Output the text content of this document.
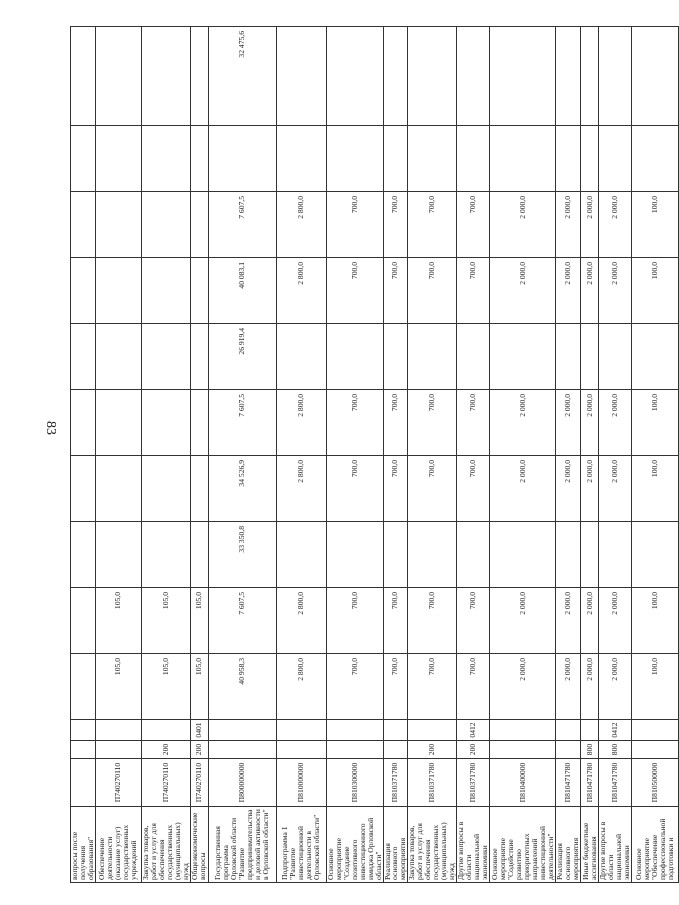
83
вопросы после получения образования"													
Обеспечение деятельности (оказание услуг) государственных учреждений	П740270110			105,0	105,0								
Закупка товаров, работ и услуг для обеспечения государственных (муниципальных) нужд	П740270110	200		105,0	105,0								
Общеэкономические вопросы	П740270110	200	0401	105,0	105,0								
Государственная программа Орловской области "Развитие предпринимательства и деловой активности в Орловской области"	П800000000			40 958,3	7 607,5	33 350,8	34 526,9	7 607,5	26 919,4	40 083,1	7 607,5		32 475,6
Подпрограмма 1 "Развитие инвестиционной деятельности в Орловской области"	П810000000			2 800,0	2 800,0		2 800,0	2 800,0		2 800,0	2 800,0		
Основное мероприятие "Создание позитивного инвестиционного имиджа Орловской области"	П810300000			700,0	700,0		700,0	700,0		700,0	700,0		
Реализация основного мероприятия	П810371780			700,0	700,0		700,0	700,0		700,0	700,0		
Закупка товаров, работ и услуг для обеспечения государственных (муниципальных) нужд	П810371780	200		700,0	700,0		700,0	700,0		700,0	700,0		
Другие вопросы в области национальной экономики	П810371780	200	0412	700,0	700,0		700,0	700,0		700,0	700,0		
Основное мероприятие "Содействие развитию приоритетных направлений инвестиционной деятельности"	П810400000			2 000,0	2 000,0		2 000,0	2 000,0		2 000,0	2 000,0		
Реализация основного мероприятия	П810471780			2 000,0	2 000,0		2 000,0	2 000,0		2 000,0	2 000,0		
Иные бюджетные ассигнования	П810471780	800		2 000,0	2 000,0		2 000,0	2 000,0		2 000,0	2 000,0		
Другие вопросы в области национальной экономики	П810471780	800	0412	2 000,0	2 000,0		2 000,0	2 000,0		2 000,0	2 000,0		
Основное мероприятие "Обеспечение профессиональной подготовки и	П810500000			100,0	100,0		100,0	100,0		100,0	100,0		
